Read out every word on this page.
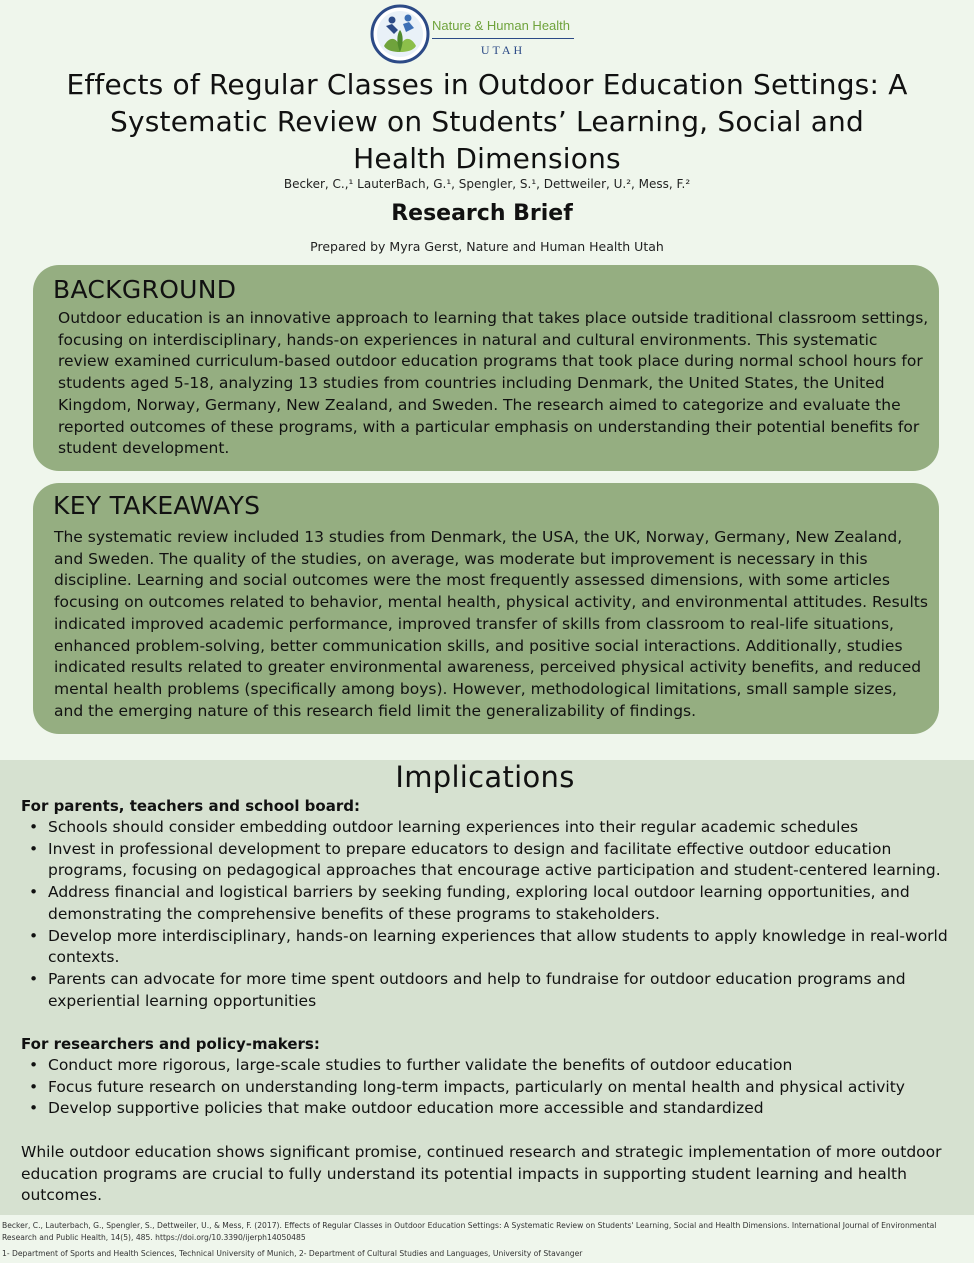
Nature & Human Health
UTAH
Effects of Regular Classes in Outdoor Education Settings: A Systematic Review on Students’ Learning, Social and Health Dimensions
Becker, C.,¹ LauterBach, G.¹, Spengler, S.¹, Dettweiler, U.², Mess, F.²
Research Brief
Prepared by Myra Gerst, Nature and Human Health Utah
BACKGROUND

Outdoor education is an innovative approach to learning that takes place outside traditional classroom settings, focusing on interdisciplinary, hands-on experiences in natural and cultural environments. This systematic review examined curriculum-based outdoor education programs that took place during normal school hours for students aged 5-18, analyzing 13 studies from countries including Denmark, the United States, the United Kingdom, Norway, Germany, New Zealand, and Sweden. The research aimed to categorize and evaluate the reported outcomes of these programs, with a particular emphasis on understanding their potential benefits for student development.

KEY TAKEAWAYS

The systematic review included 13 studies from Denmark, the USA, the UK, Norway, Germany, New Zealand, and Sweden. The quality of the studies, on average, was moderate but improvement is necessary in this discipline. Learning and social outcomes were the most frequently assessed dimensions, with some articles focusing on outcomes related to behavior, mental health, physical activity, and environmental attitudes. Results indicated improved academic performance, improved transfer of skills from classroom to real-life situations, enhanced problem-solving, better communication skills, and positive social interactions. Additionally, studies indicated results related to greater environmental awareness, perceived physical activity benefits, and reduced mental health problems (specifically among boys). However, methodological limitations, small sample sizes, and the emerging nature of this research field limit the generalizability of findings.

Implications
For parents, teachers and school board:
• Schools should consider embedding outdoor learning experiences into their regular academic schedules
• Invest in professional development to prepare educators to design and facilitate effective outdoor education programs, focusing on pedagogical approaches that encourage active participation and student-centered learning.
• Address financial and logistical barriers by seeking funding, exploring local outdoor learning opportunities, and demonstrating the comprehensive benefits of these programs to stakeholders.
• Develop more interdisciplinary, hands-on learning experiences that allow students to apply knowledge in real-world contexts.
• Parents can advocate for more time spent outdoors and help to fundraise for outdoor education programs and experiential learning opportunities
For researchers and policy-makers:
• Conduct more rigorous, large-scale studies to further validate the benefits of outdoor education
• Focus future research on understanding long-term impacts, particularly on mental health and physical activity
• Develop supportive policies that make outdoor education more accessible and standardized

While outdoor education shows significant promise, continued research and strategic implementation of more outdoor education programs are crucial to fully understand its potential impacts in supporting student learning and health outcomes.

Becker, C., Lauterbach, G., Spengler, S., Dettweiler, U., & Mess, F. (2017). Effects of Regular Classes in Outdoor Education Settings: A Systematic Review on Students' Learning, Social and Health Dimensions. International Journal of Environmental Research and Public Health, 14(5), 485. https://doi.org/10.3390/ijerph14050485
1- Department of Sports and Health Sciences, Technical University of Munich, 2- Department of Cultural Studies and Languages, University of Stavanger
